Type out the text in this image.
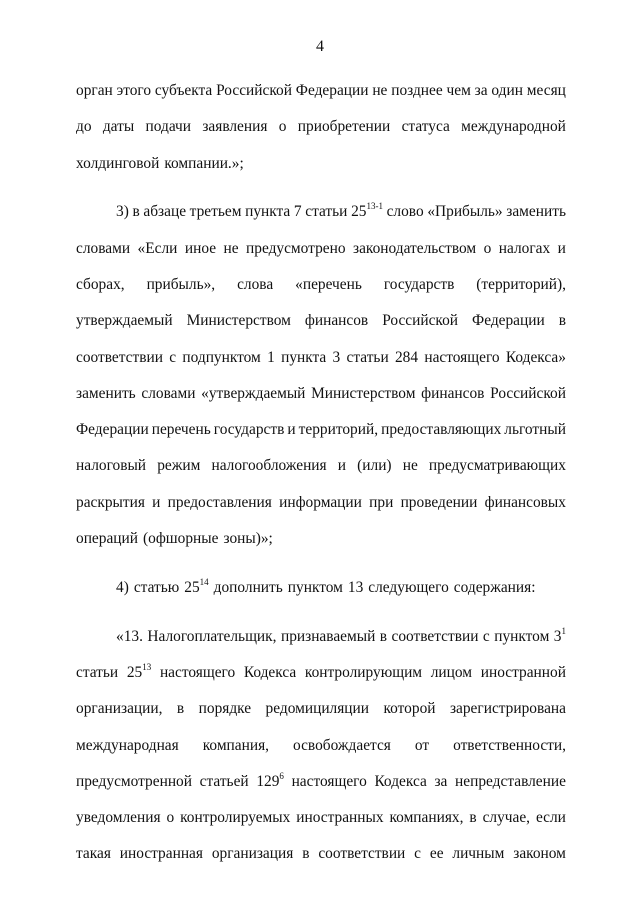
4
орган этого субъекта Российской Федерации не позднее чем за один месяц
до даты подачи заявления о приобретении статуса международной
холдинговой компании.»;
3) в абзаце третьем пункта 7 статьи 25$^{13-1}$ слово «Прибыль» заменить
словами «Если иное не предусмотрено законодательством о налогах и
сборах, прибыль», слова «перечень государств (территорий),
утверждаемый Министерством финансов Российской Федерации в
соответствии с подпунктом 1 пункта 3 статьи 284 настоящего Кодекса»
заменить словами «утверждаемый Министерством финансов Российской
Федерации перечень государств и территорий, предоставляющих льготный
налоговый режим налогообложения и (или) не предусматривающих
раскрытия и предоставления информации при проведении финансовых
операций (офшорные зоны)»;
4) статью $25^{14}$ дополнить пунктом 13 следующего содержания:
«13. Налогоплательщик, признаваемый в соответствии с пунктом $3^1$
статьи $25^{13}$ настоящего Кодекса контролирующим лицом иностранной
организации, в порядке редомициляции которой зарегистрирована
международная компания, освобождается от ответственности,
предусмотренной статьей $129^6$ настоящего Кодекса за непредставление
уведомления о контролируемых иностранных компаниях, в случае, если
такая иностранная организация в соответствии с ее личным законом
